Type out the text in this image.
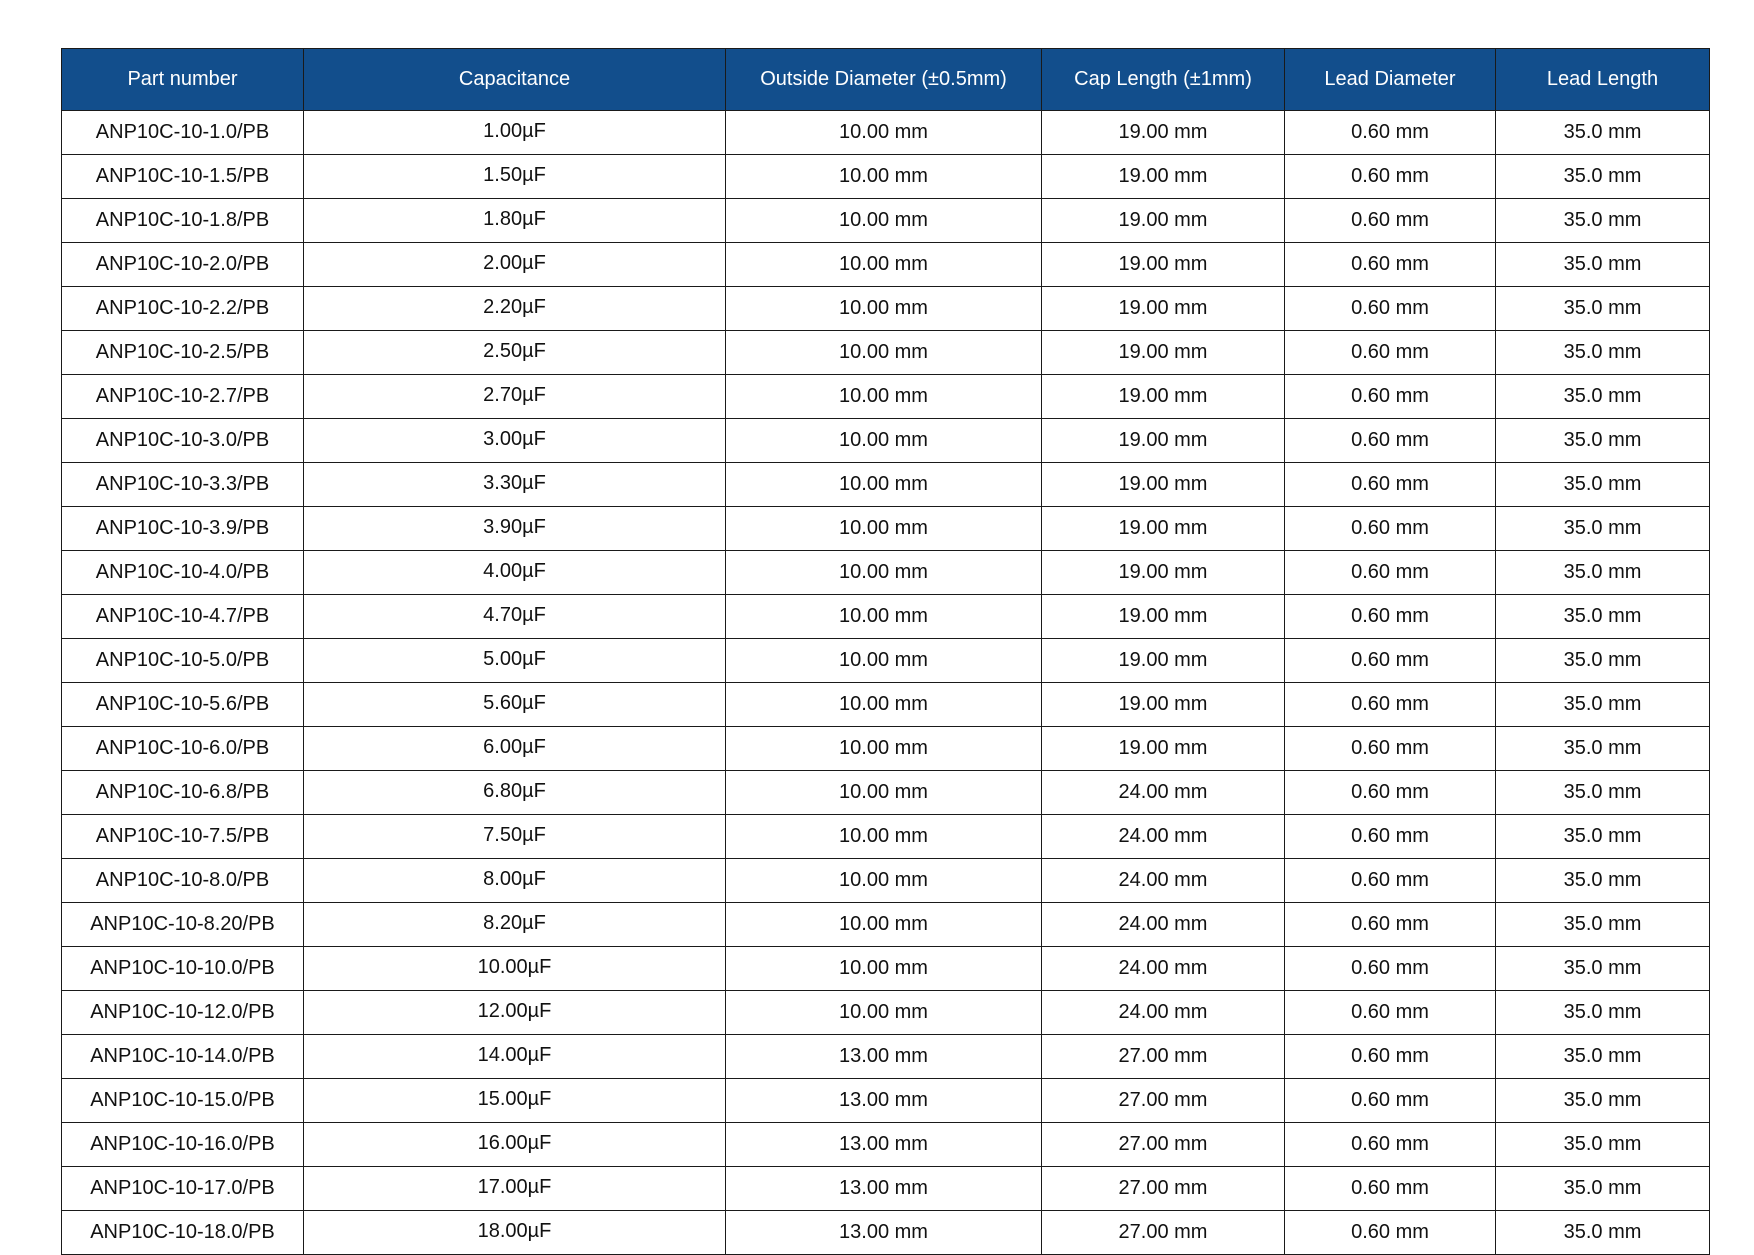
Part number	Capacitance	Outside Diameter (±0.5mm)	Cap Length (±1mm)	Lead Diameter	Lead Length
ANP10C-10-1.0/PB	1.00µF	10.00 mm	19.00 mm	0.60 mm	35.0 mm
ANP10C-10-1.5/PB	1.50µF	10.00 mm	19.00 mm	0.60 mm	35.0 mm
ANP10C-10-1.8/PB	1.80µF	10.00 mm	19.00 mm	0.60 mm	35.0 mm
ANP10C-10-2.0/PB	2.00µF	10.00 mm	19.00 mm	0.60 mm	35.0 mm
ANP10C-10-2.2/PB	2.20µF	10.00 mm	19.00 mm	0.60 mm	35.0 mm
ANP10C-10-2.5/PB	2.50µF	10.00 mm	19.00 mm	0.60 mm	35.0 mm
ANP10C-10-2.7/PB	2.70µF	10.00 mm	19.00 mm	0.60 mm	35.0 mm
ANP10C-10-3.0/PB	3.00µF	10.00 mm	19.00 mm	0.60 mm	35.0 mm
ANP10C-10-3.3/PB	3.30µF	10.00 mm	19.00 mm	0.60 mm	35.0 mm
ANP10C-10-3.9/PB	3.90µF	10.00 mm	19.00 mm	0.60 mm	35.0 mm
ANP10C-10-4.0/PB	4.00µF	10.00 mm	19.00 mm	0.60 mm	35.0 mm
ANP10C-10-4.7/PB	4.70µF	10.00 mm	19.00 mm	0.60 mm	35.0 mm
ANP10C-10-5.0/PB	5.00µF	10.00 mm	19.00 mm	0.60 mm	35.0 mm
ANP10C-10-5.6/PB	5.60µF	10.00 mm	19.00 mm	0.60 mm	35.0 mm
ANP10C-10-6.0/PB	6.00µF	10.00 mm	19.00 mm	0.60 mm	35.0 mm
ANP10C-10-6.8/PB	6.80µF	10.00 mm	24.00 mm	0.60 mm	35.0 mm
ANP10C-10-7.5/PB	7.50µF	10.00 mm	24.00 mm	0.60 mm	35.0 mm
ANP10C-10-8.0/PB	8.00µF	10.00 mm	24.00 mm	0.60 mm	35.0 mm
ANP10C-10-8.20/PB	8.20µF	10.00 mm	24.00 mm	0.60 mm	35.0 mm
ANP10C-10-10.0/PB	10.00µF	10.00 mm	24.00 mm	0.60 mm	35.0 mm
ANP10C-10-12.0/PB	12.00µF	10.00 mm	24.00 mm	0.60 mm	35.0 mm
ANP10C-10-14.0/PB	14.00µF	13.00 mm	27.00 mm	0.60 mm	35.0 mm
ANP10C-10-15.0/PB	15.00µF	13.00 mm	27.00 mm	0.60 mm	35.0 mm
ANP10C-10-16.0/PB	16.00µF	13.00 mm	27.00 mm	0.60 mm	35.0 mm
ANP10C-10-17.0/PB	17.00µF	13.00 mm	27.00 mm	0.60 mm	35.0 mm
ANP10C-10-18.0/PB	18.00µF	13.00 mm	27.00 mm	0.60 mm	35.0 mm
